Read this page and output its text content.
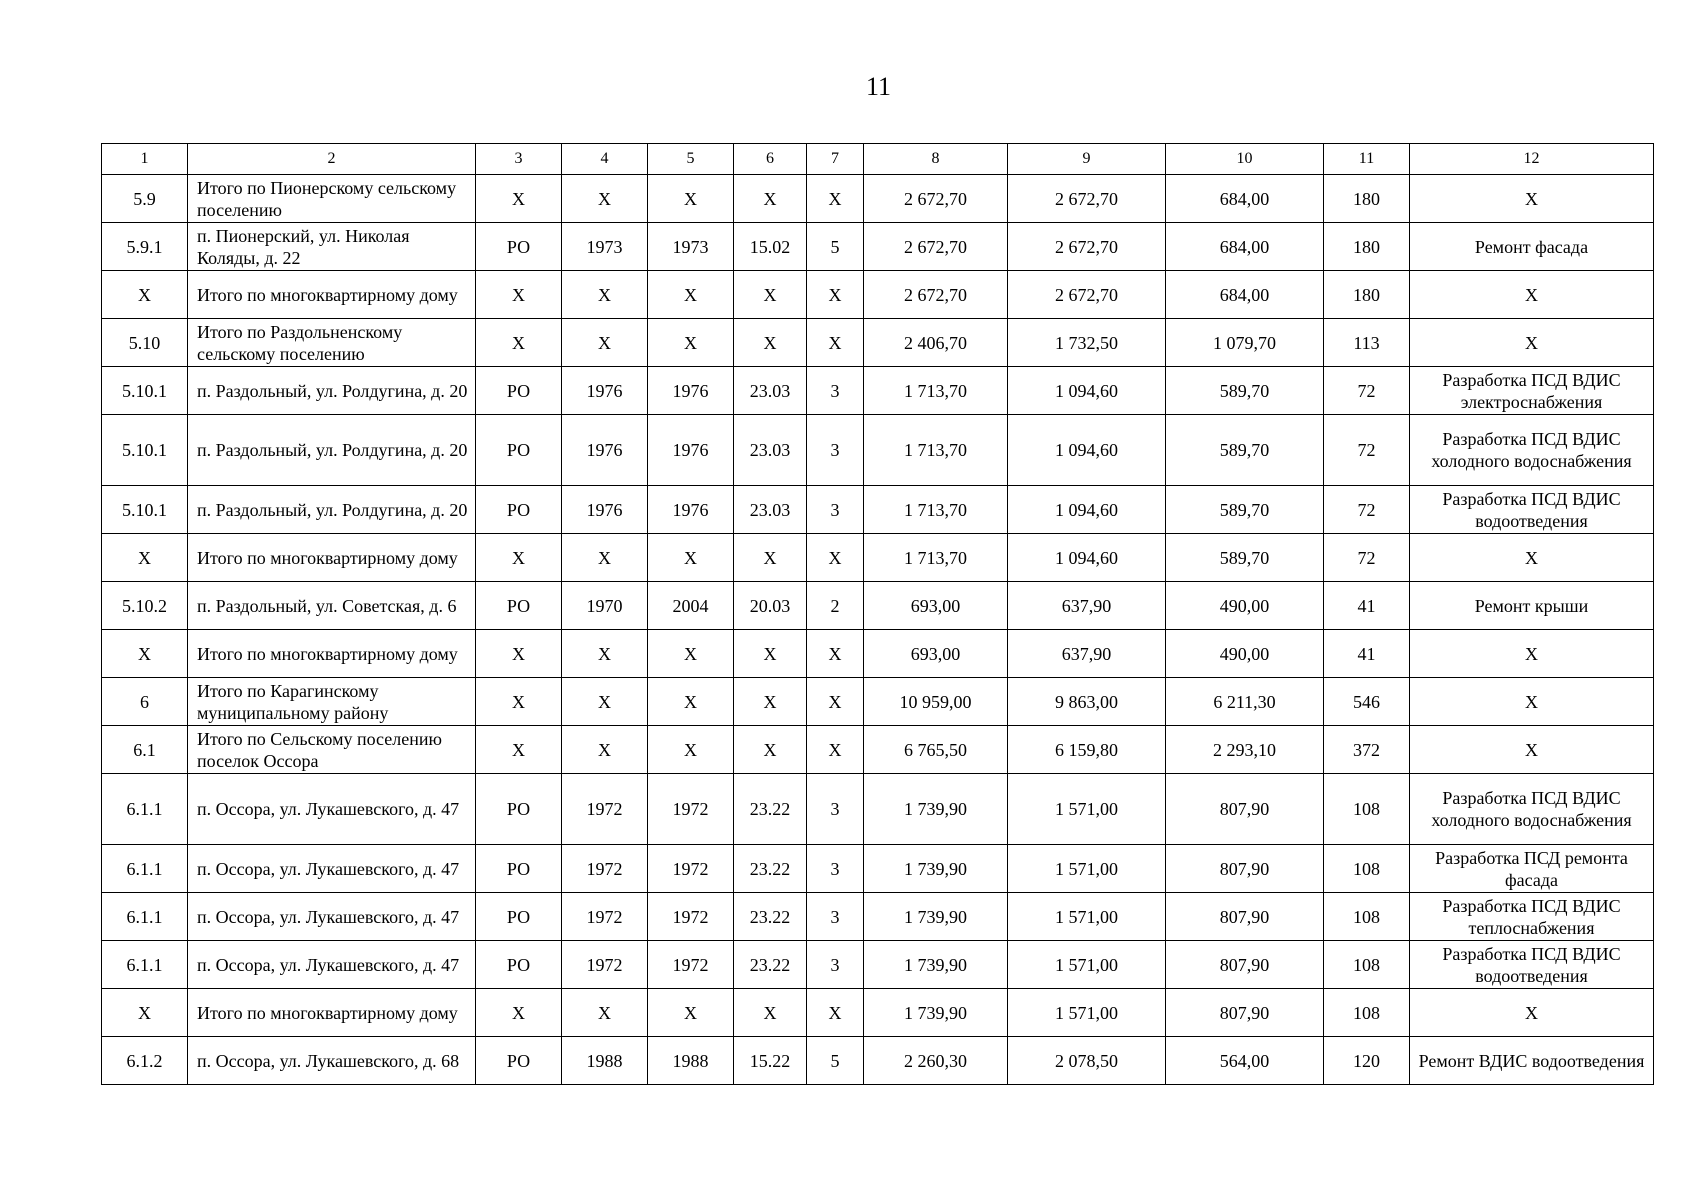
11
1	2	3	4	5	6	7	8	9	10	11	12
5.9	Итого по Пионерскому сельскому поселению	Х	Х	Х	Х	Х	2 672,70	2 672,70	684,00	180	Х
5.9.1	п. Пионерский, ул. Николая Коляды, д. 22	РО	1973	1973	15.02	5	2 672,70	2 672,70	684,00	180	Ремонт фасада
Х	Итого по многоквартирному дому	Х	Х	Х	Х	Х	2 672,70	2 672,70	684,00	180	Х
5.10	Итого по Раздольненскому сельскому поселению	Х	Х	Х	Х	Х	2 406,70	1 732,50	1 079,70	113	Х
5.10.1	п. Раздольный, ул. Ролдугина, д. 20	РО	1976	1976	23.03	3	1 713,70	1 094,60	589,70	72	Разработка ПСД ВДИС электроснабжения
5.10.1	п. Раздольный, ул. Ролдугина, д. 20	РО	1976	1976	23.03	3	1 713,70	1 094,60	589,70	72	Разработка ПСД ВДИС холодного водоснабжения
5.10.1	п. Раздольный, ул. Ролдугина, д. 20	РО	1976	1976	23.03	3	1 713,70	1 094,60	589,70	72	Разработка ПСД ВДИС водоотведения
Х	Итого по многоквартирному дому	Х	Х	Х	Х	Х	1 713,70	1 094,60	589,70	72	Х
5.10.2	п. Раздольный, ул. Советская, д. 6	РО	1970	2004	20.03	2	693,00	637,90	490,00	41	Ремонт крыши
Х	Итого по многоквартирному дому	Х	Х	Х	Х	Х	693,00	637,90	490,00	41	Х
6	Итого по Карагинскому муниципальному району	Х	Х	Х	Х	Х	10 959,00	9 863,00	6 211,30	546	Х
6.1	Итого по Сельскому поселению поселок Оссора	Х	Х	Х	Х	Х	6 765,50	6 159,80	2 293,10	372	Х
6.1.1	п. Оссора, ул. Лукашевского, д. 47	РО	1972	1972	23.22	3	1 739,90	1 571,00	807,90	108	Разработка ПСД ВДИС холодного водоснабжения
6.1.1	п. Оссора, ул. Лукашевского, д. 47	РО	1972	1972	23.22	3	1 739,90	1 571,00	807,90	108	Разработка ПСД ремонта фасада
6.1.1	п. Оссора, ул. Лукашевского, д. 47	РО	1972	1972	23.22	3	1 739,90	1 571,00	807,90	108	Разработка ПСД ВДИС теплоснабжения
6.1.1	п. Оссора, ул. Лукашевского, д. 47	РО	1972	1972	23.22	3	1 739,90	1 571,00	807,90	108	Разработка ПСД ВДИС водоотведения
Х	Итого по многоквартирному дому	Х	Х	Х	Х	Х	1 739,90	1 571,00	807,90	108	Х
6.1.2	п. Оссора, ул. Лукашевского, д. 68	РО	1988	1988	15.22	5	2 260,30	2 078,50	564,00	120	Ремонт ВДИС водоотведения
